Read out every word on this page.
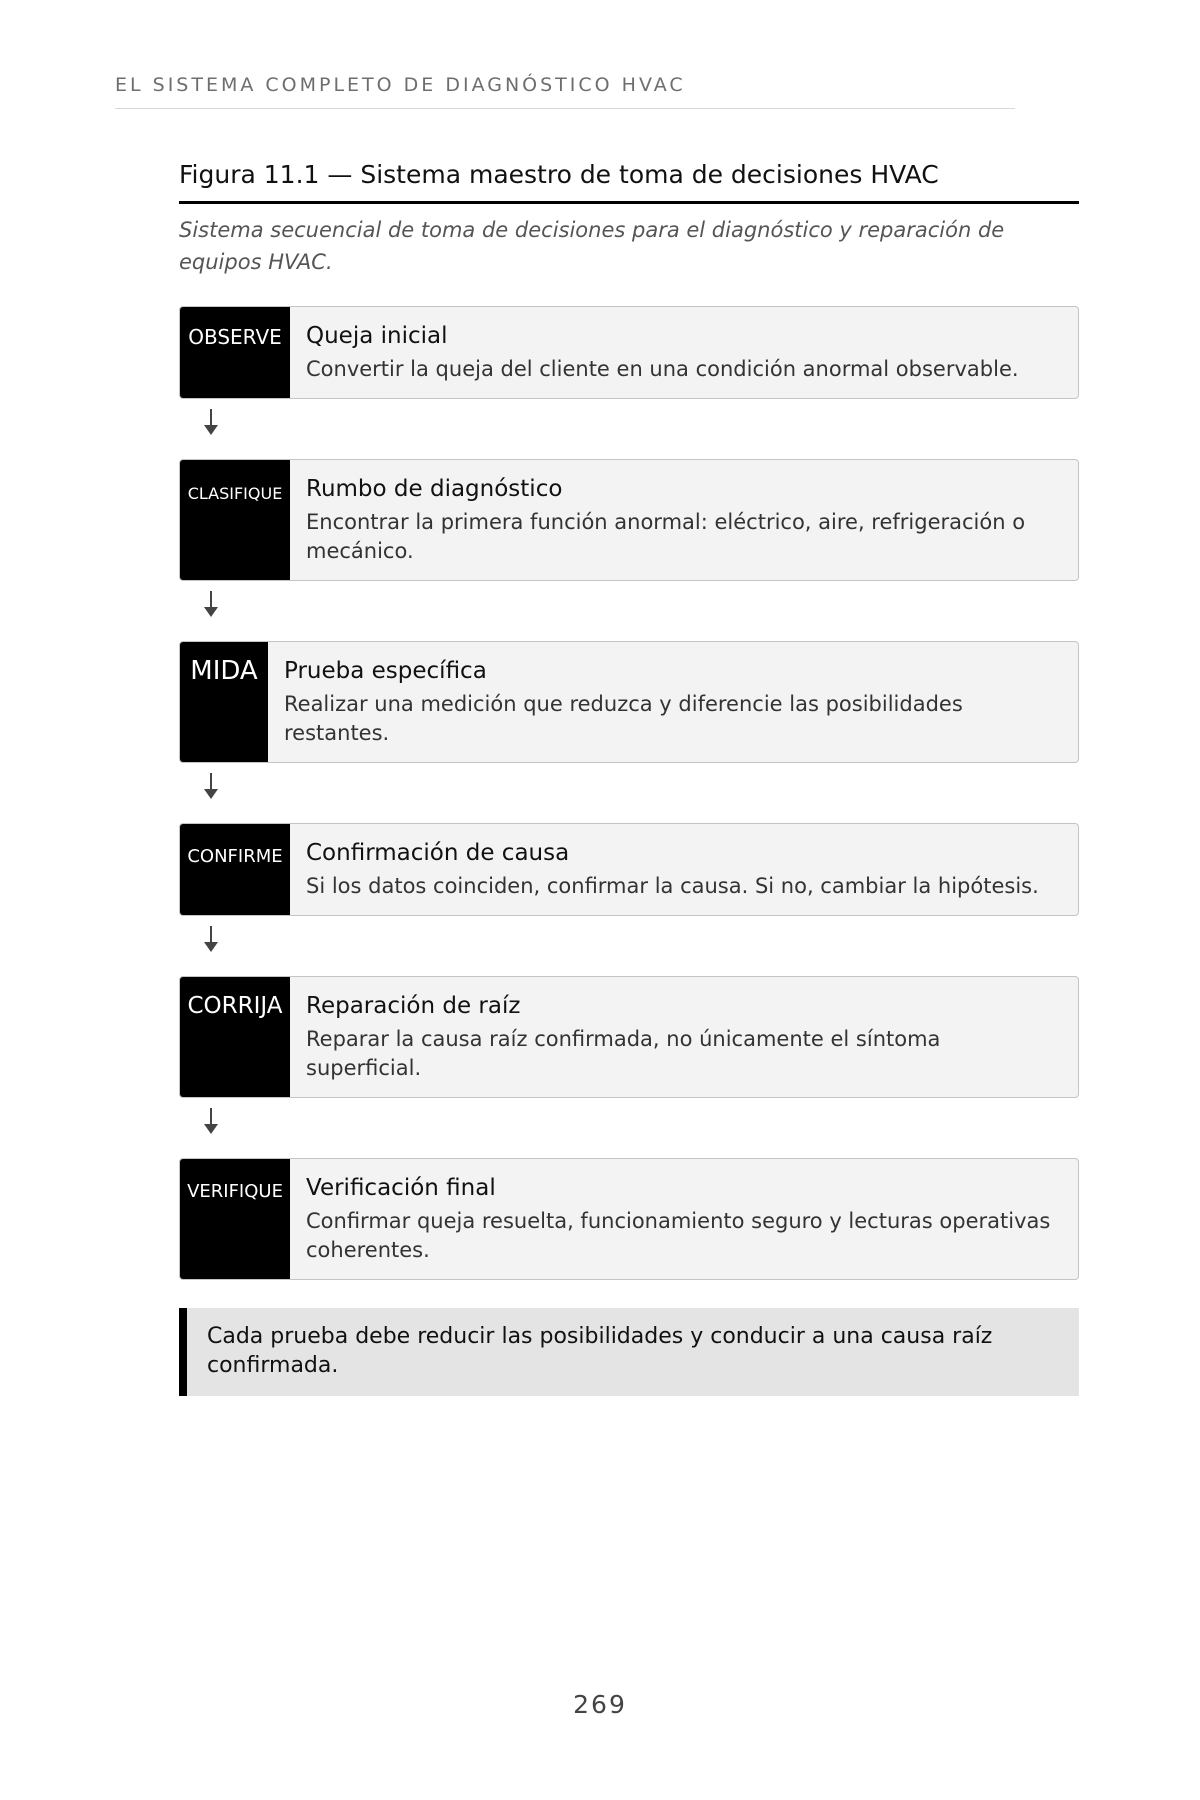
EL SISTEMA COMPLETO DE DIAGNÓSTICO HVAC
Figura 11.1 — Sistema maestro de toma de decisiones HVAC
Sistema secuencial de toma de decisiones para el diagnóstico y reparación de equipos HVAC.
OBSERVE	Queja inicial
Convertir la queja del cliente en una condición anormal observable.
CLASIFIQUE	Rumbo de diagnóstico
Encontrar la primera función anormal: eléctrico, aire, refrigeración o mecánico.
MIDA	Prueba específica
Realizar una medición que reduzca y diferencie las posibilidades restantes.
CONFIRME	Confirmación de causa
Si los datos coinciden, confirmar la causa. Si no, cambiar la hipótesis.
CORRIJA	Reparación de raíz
Reparar la causa raíz confirmada, no únicamente el síntoma superficial.
VERIFIQUE	Verificación final
Confirmar queja resuelta, funcionamiento seguro y lecturas operativas coherentes.
Cada prueba debe reducir las posibilidades y conducir a una causa raíz confirmada.
269
